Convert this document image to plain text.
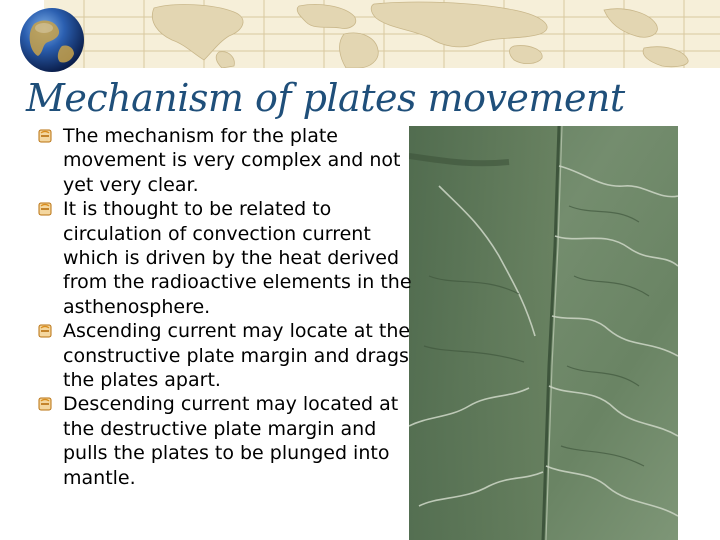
Mechanism of plates movement
The mechanism for the plate movement is very complex and not yet very clear.
It is thought to be related to circulation of convection current which is driven by the heat derived from the radioactive elements in the asthenosphere.
Ascending current may locate at the constructive plate margin and drags the plates apart.
Descending current may located at the destructive plate margin and pulls the plates to be plunged into mantle.
